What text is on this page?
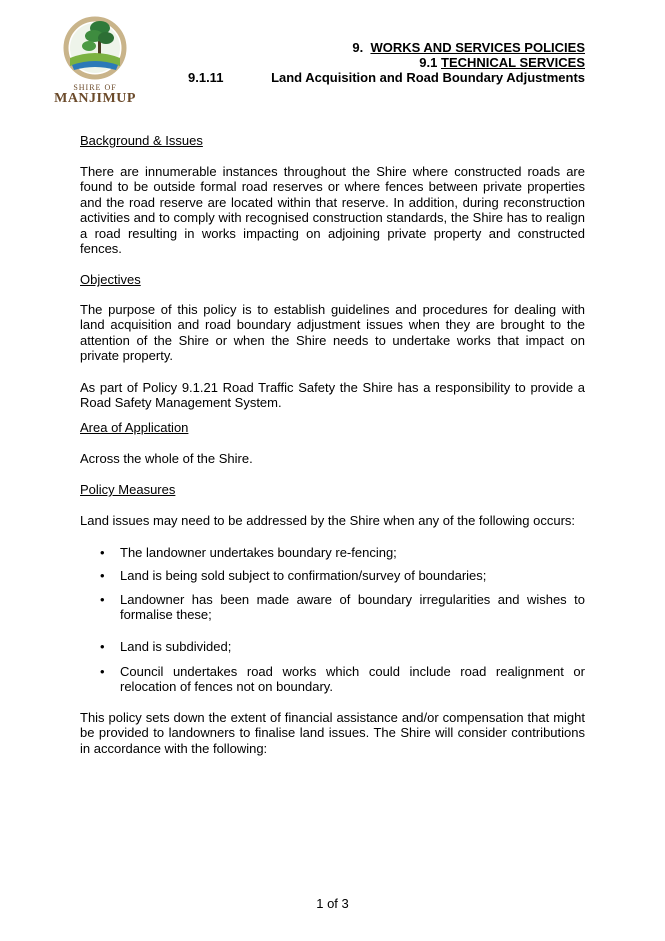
SHIRE OF
MANJIMUP
9. WORKS AND SERVICES POLICIES
9.1 TECHNICAL SERVICES
9.1.11	Land Acquisition and Road Boundary Adjustments
Background & Issues
There are innumerable instances throughout the Shire where constructed roads are found to be outside formal road reserves or where fences between private properties and the road reserve are located within that reserve. In addition, during reconstruction activities and to comply with recognised construction standards, the Shire has to realign a road resulting in works impacting on adjoining private property and constructed fences.
Objectives
The purpose of this policy is to establish guidelines and procedures for dealing with land acquisition and road boundary adjustment issues when they are brought to the attention of the Shire or when the Shire needs to undertake works that impact on private property.
As part of Policy 9.1.21 Road Traffic Safety the Shire has a responsibility to provide a Road Safety Management System.
Area of Application
Across the whole of the Shire.
Policy Measures
Land issues may need to be addressed by the Shire when any of the following occurs:
• The landowner undertakes boundary re-fencing;
• Land is being sold subject to confirmation/survey of boundaries;
• Landowner has been made aware of boundary irregularities and wishes to formalise these;
• Land is subdivided;
• Council undertakes road works which could include road realignment or relocation of fences not on boundary.
This policy sets down the extent of financial assistance and/or compensation that might be provided to landowners to finalise land issues. The Shire will consider contributions in accordance with the following:
1 of 3
